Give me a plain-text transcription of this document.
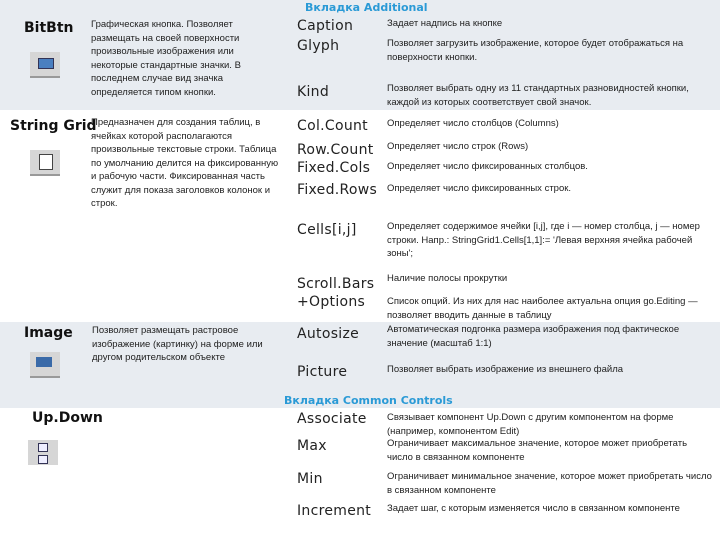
Вкладка Additional
Вкладка Common Controls
BitBtn Графическая кнопка. Позволяет размещать на своей поверхности произвольные изображения или некоторые стандартные значки. В последнем случае вид значка определяется типом кнопки.
String Grid
Предназначен для создания таблиц, в ячейках которой располагаются произвольные текстовые строки. Таблица по умолчанию делится на фиксированную и рабочую части. Фиксированная часть служит для показа заголовков колонок и строк.
Image Позволяет размещать растровое изображение (картинку) на форме или другом родительском объекте
Up.Down
Caption	Задает надпись на кнопке
Glyph	Позволяет загрузить изображение, которое будет отображаться на поверхности кнопки.
Kind	Позволяет выбрать одну из 11 стандартных разновидностей кнопки, каждой из которых соответствует свой значок.
Col.Count Определяет число столбцов (Columns)
Row.Count Определяет число строк (Rows)
Fixed.Cols Определяет число фиксированных столбцов.
Fixed.Rows Определяет число фиксированных строк.
Cells[i,j]	Определяет содержимое ячейки [i,j], где i — номер столбца, j — номер строки. Напр.: StringGrid1.Cells[1,1]:= 'Левая верхняя ячейка рабочей зоны';
Scroll.Bars Наличие полосы прокрутки
+Options Список опций. Из них для нас наиболее актуальна опция go.Editing — позволяет вводить данные в таблицу
Autosize	Автоматическая подгонка размера изображения под фактическое значение (масштаб 1:1)
Picture	Позволяет выбрать изображение из внешнего файла
Associate Связывает компонент Up.Down с другим компонентом на форме (например, компонентом Edit)
Max	Ограничивает максимальное значение, которое может приобретать число в связанном компоненте
Min	Ограничивает минимальное значение, которое может приобретать число в связанном компоненте
Increment Задает шаг, с которым изменяется число в связанном компоненте
